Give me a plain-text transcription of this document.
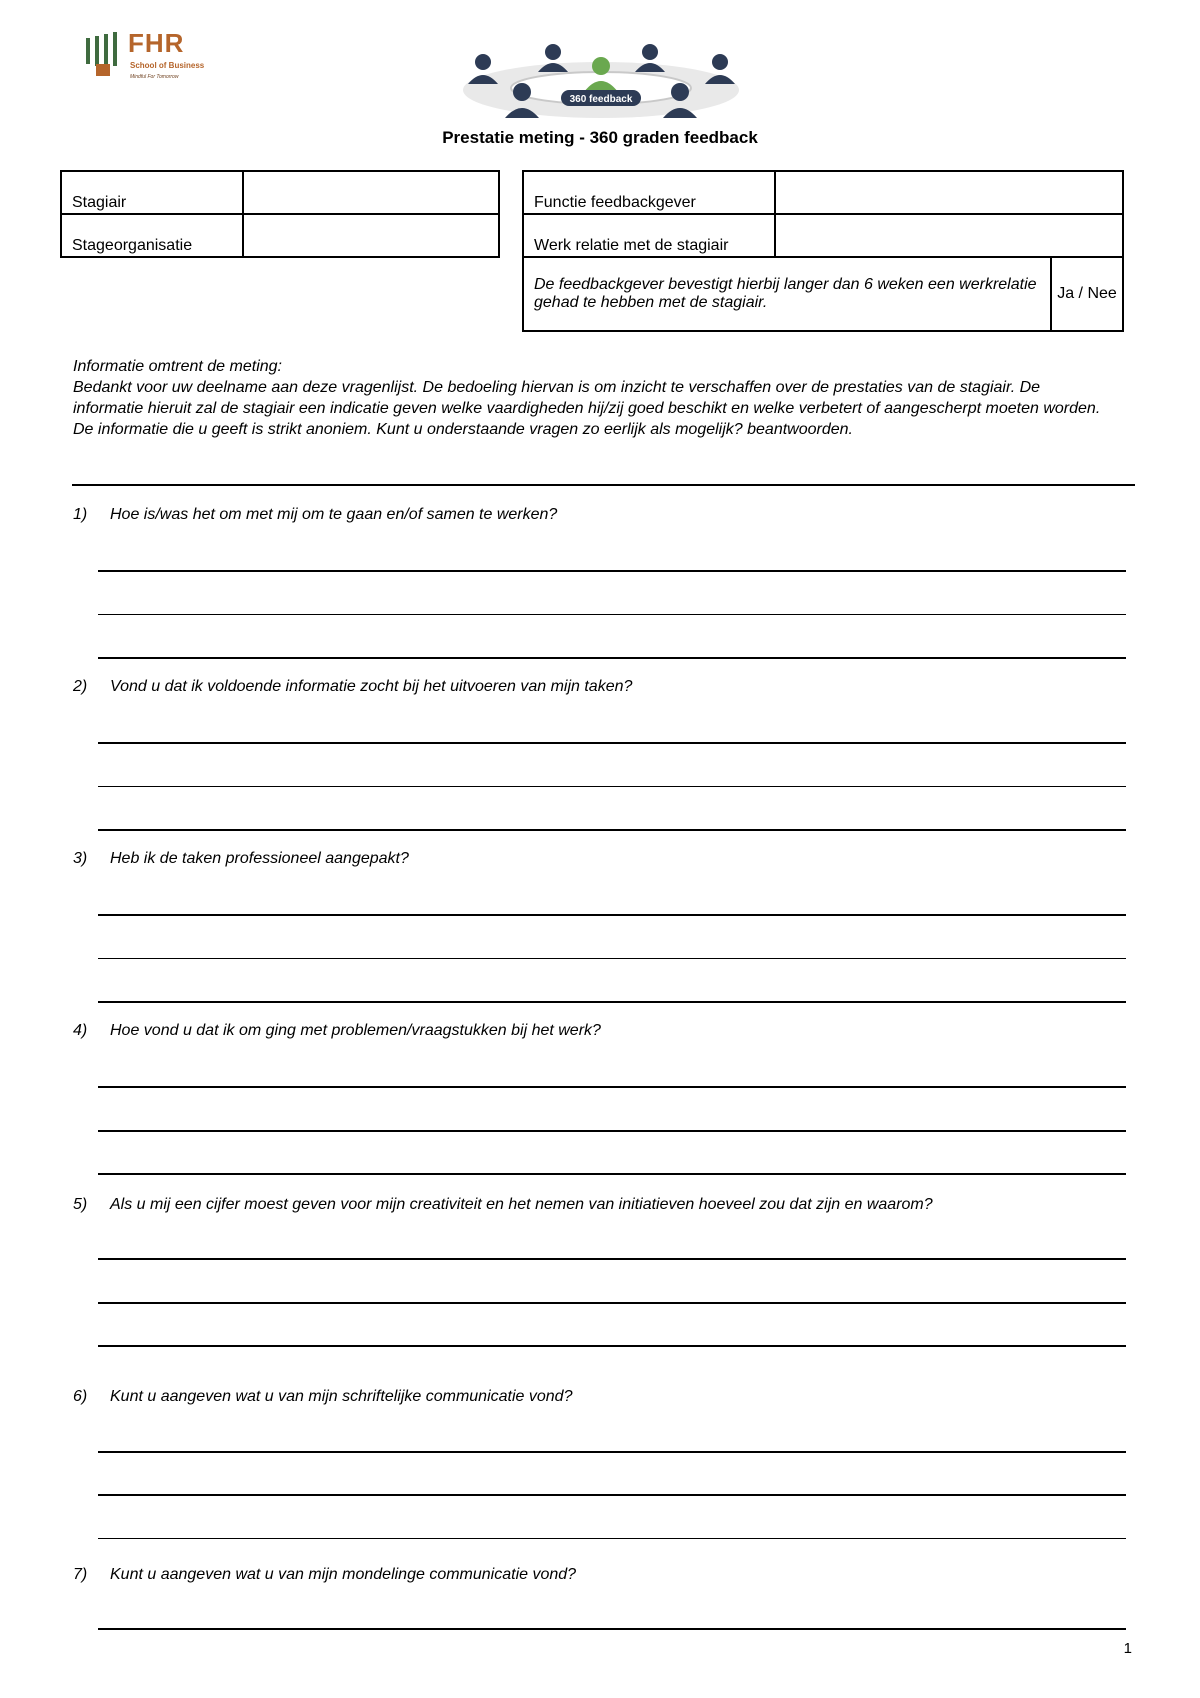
FHR
School of Business
Mindful For Tomorrow
360 feedback
Prestatie meting - 360 graden feedback
Stagiair	
Stageorganisatie	
Functie feedbackgever		
Werk relatie met de stagiair		
De feedbackgever bevestigt hierbij langer dan 6 weken een werkrelatie gehad te hebben met de stagiair.		Ja / Nee
Informatie omtrent de meting:
Bedankt voor uw deelname aan deze vragenlijst. De bedoeling hiervan is om inzicht te verschaffen over de prestaties van de stagiair. De informatie hieruit zal de stagiair een indicatie geven welke vaardigheden hij/zij goed beschikt en welke verbetert of aangescherpt moeten worden. De informatie die u geeft is strikt anoniem. Kunt u onderstaande vragen zo eerlijk als mogelijk? beantwoorden.
1) Hoe is/was het om met mij om te gaan en/of samen te werken?
2) Vond u dat ik voldoende informatie zocht bij het uitvoeren van mijn taken?
3) Heb ik de taken professioneel aangepakt?
4) Hoe vond u dat ik om ging met problemen/vraagstukken bij het werk?
5) Als u mij een cijfer moest geven voor mijn creativiteit en het nemen van initiatieven hoeveel zou dat zijn en waarom?
6) Kunt u aangeven wat u van mijn schriftelijke communicatie vond?
7) Kunt u aangeven wat u van mijn mondelinge communicatie vond?
1
